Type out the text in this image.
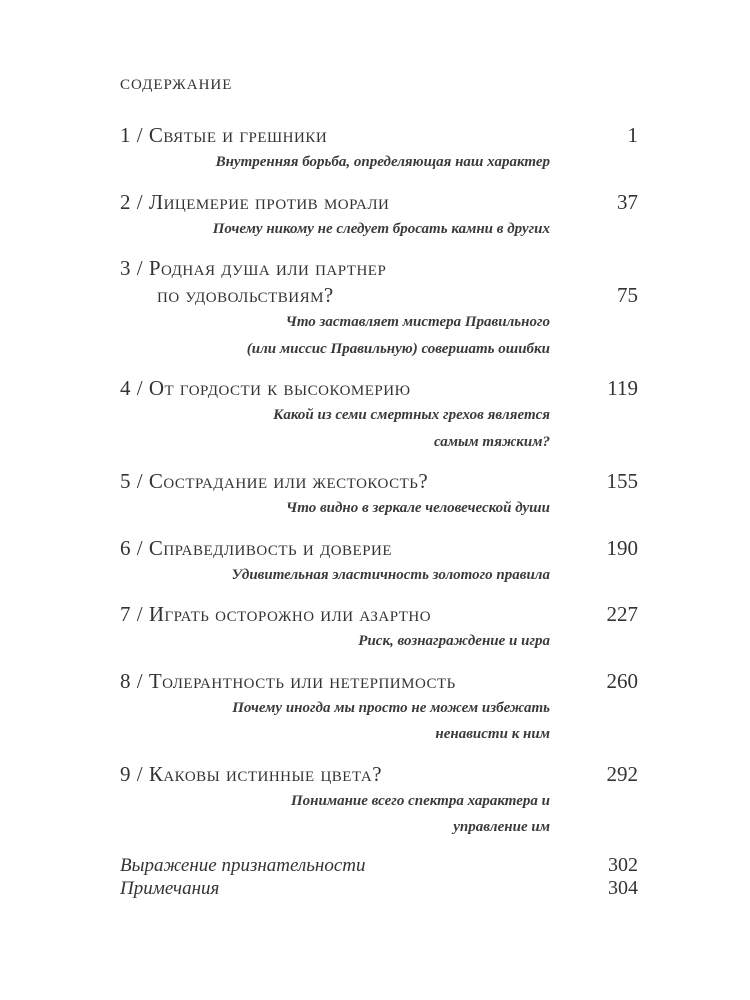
содержание
1 / Святые и грешники	1
Внутренняя борьба, определяющая наш характер
2 / Лицемерие против морали	37
Почему никому не следует бросать камни в других
3 / Родная душа или партнер
по удовольствиям?	75
Что заставляет мистера Правильного
(или миссис Правильную) совершать ошибки
4 / От гордости к высокомерию	119
Какой из семи смертных грехов является
самым тяжким?
5 / Сострадание или жестокость?	155
Что видно в зеркале человеческой души
6 / Справедливость и доверие	190
Удивительная эластичность золотого правила
7 / Играть осторожно или азартно	227
Риск, вознаграждение и игра
8 / Толерантность или нетерпимость	260
Почему иногда мы просто не можем избежать
ненависти к ним
9 / Каковы истинные цвета?	292
Понимание всего спектра характера и
управление им
Выражение признательности	302
Примечания	304
